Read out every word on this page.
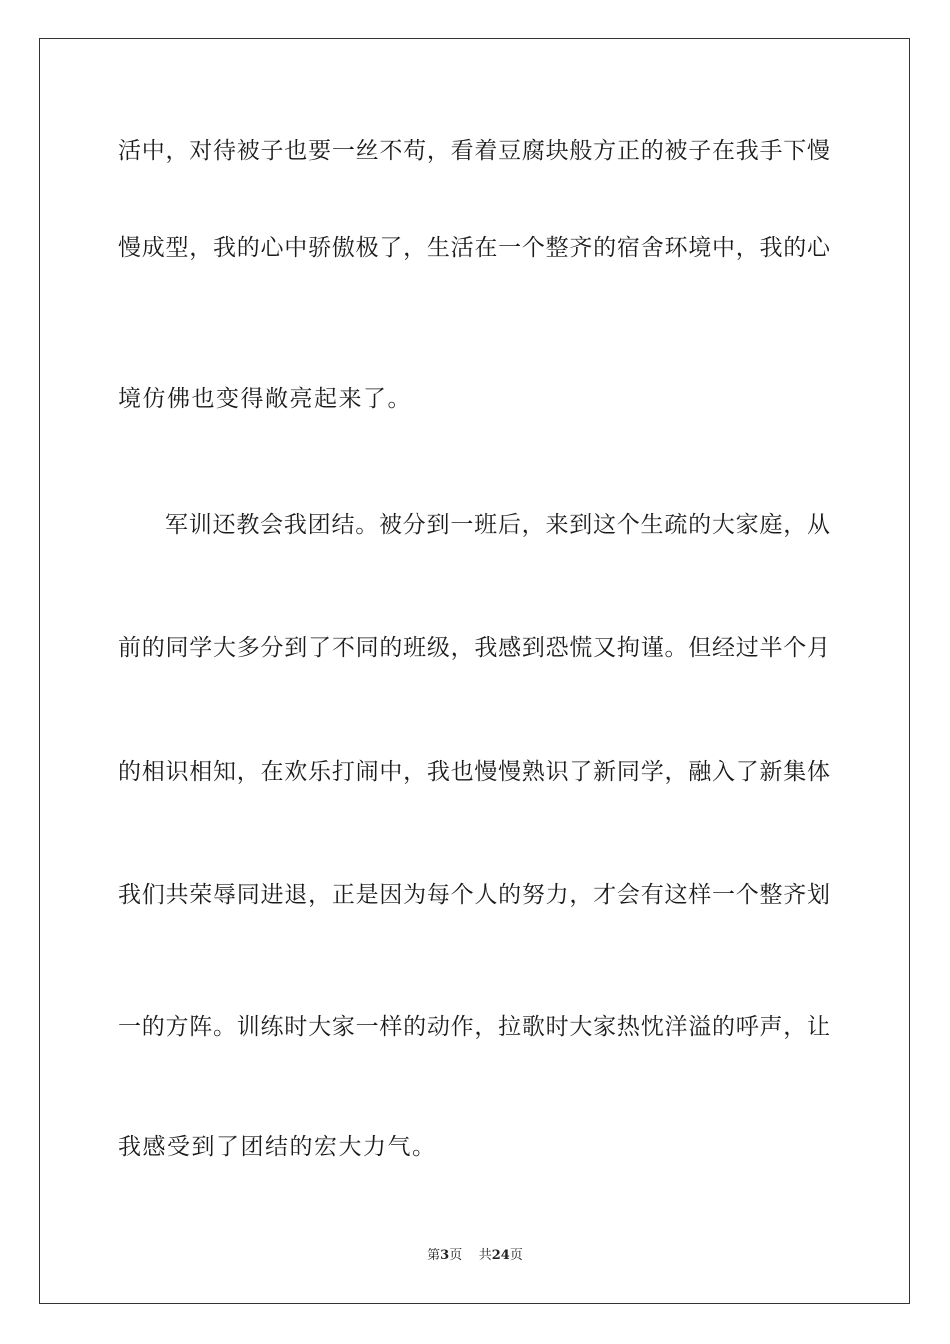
活中，对待被子也要一丝不苟，看着豆腐块般方正的被子在我手下慢
慢成型，我的心中骄傲极了，生活在一个整齐的宿舍环境中，我的心
境仿佛也变得敞亮起来了。
军训还教会我团结。被分到一班后，来到这个生疏的大家庭，从
前的同学大多分到了不同的班级，我感到恐慌又拘谨。但经过半个月
的相识相知，在欢乐打闹中，我也慢慢熟识了新同学，融入了新集体
我们共荣辱同进退，正是因为每个人的努力，才会有这样一个整齐划
一的方阵。训练时大家一样的动作，拉歌时大家热忱洋溢的呼声，让
我感受到了团结的宏大力气。
第3页 共24页
